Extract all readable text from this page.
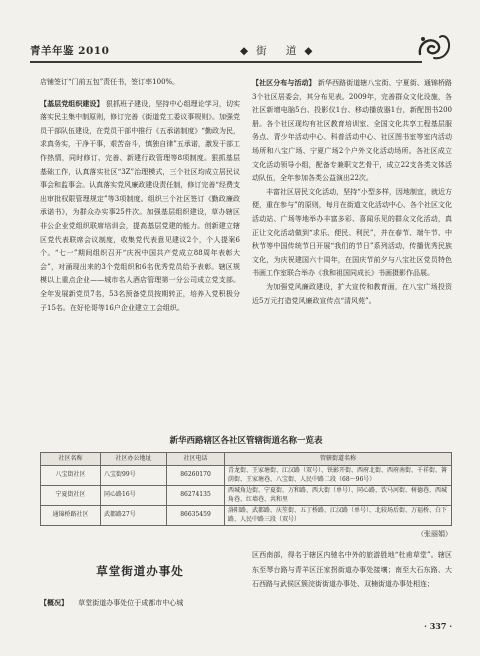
青羊年鉴 2010	◆街 道◆

店铺签订“门前五包”责任书，签订率100%。

【基层党组织建设】 狠抓班子建设，坚持中心组理论学习，切实落实民主集中制原则，修订完善《街道党工委议事规则》。加强党员干部队伍建设，在党员干部中推行《五承诺制度》“勤政为民，求真务实，干净干事，艰苦奋斗，慎独自律”五承诺，激发干部工作热情，同时修订、完善、新建行政管理等8项制度。狠抓基层基础工作，认真落实社区“3Z”治理模式，三个社区均成立居民议事会和监事会。认真落实党风廉政建设责任制，修订完善“经费支出审批权限管理规定”等3项制度。组织三个社区签订《勤政廉政承诺书》，为群众办实事25件次。加强基层组织建设，草办辖区非公企业党组织联席培训会，提高基层党建的能力。创新建立辖区党代表联席会议制度，收集党代表意见建议2个，个人提案6个。“七一”期间组织召开“庆祝中国共产党成立88周年表彰大会”，对涌现出来的3个党组织和6名优秀党员给予表彰。辖区规模以上重点企业——城市名人酒店管理第一分公司成立党支部。全年发展新党员7名，53名预备党员按期转正，培养入党积极分子15名。在好伦哥等16户企业建立工会组织。

【社区分布与活动】 新华西路街道辖八宝街、宁夏街、通锦桥路3个社区居委会，其分布见表。2009年，完善群众文化设施，各社区新增电脑5台、投影仪1台、移动播放器1台，新配图书200册。各个社区现均有社区教育培训室、全国文化共享工程基层服务点、青少年活动中心、科普活动中心、社区图书室等室内活动场所和八宝广场、宁夏广场2个户外文化活动场所。各社区成立文化活动领导小组，配备专兼职文艺骨干，成立22支各类文体活动队伍，全年参加各类公益演出22次。

丰富社区居民文化活动，坚持“小型多样，因地制宜，就近方便，重在参与”的原则，每月在街道文化活动中心、各个社区文化活动站、广场等地举办丰富多彩、喜闻乐见的群众文化活动，真正让文化活动做到“求乐、便民、利民”，并在春节、端午节、中秋节等中国传统节日开展“我们的节日”系列活动，传播优秀民族文化，为庆祝建国六十周年，在国庆节前夕与八宝社区党员特色书画工作室联合举办《我和祖国同成长》书画摄影作品展。

为加强党风廉政建设，扩大宣传和教育面，在八宝广场投资近5万元打造党风廉政宣传点“清风苑”。

新华西路辖区各社区管辖街道名称一览表
社区名称	社区办公地址	社区电话	管辖街道名称
八宝街社区	八宝街99号	86260170	青龙街、王家塘街、江汉路（双号）、铁影开街、西府北街、西府南街、千祥街、箐荫街、王家塘巷、八宝街、人民中路二段（68～96号）
宁夏街社区	同心路16号	86274135	西城角边街、宁夏街、万和路、西大街（单号）、同心路、饮马河街、树德巷、西城角巷、红墙巷、共和里
通锦桥路社区	武都路27号	86635459	洛阳路、武都路、庆笙街、五丁桥路、江汉路（单号）、北较场后街、万福桥、白下路、人民中路三段（双号）
（张丽娟）
草堂街道办事处
【概况】 草堂街道办事处位于成都市中心城
区西南部，得名于辖区内驰名中外的旅游胜地“杜甫草堂”。辖区东至琴台路与青羊区汪家拐街道办事处接壤；南至大石东路、大石西路与武侯区簇浣街街道办事处、双楠街道办事处相连；
· 337 ·
